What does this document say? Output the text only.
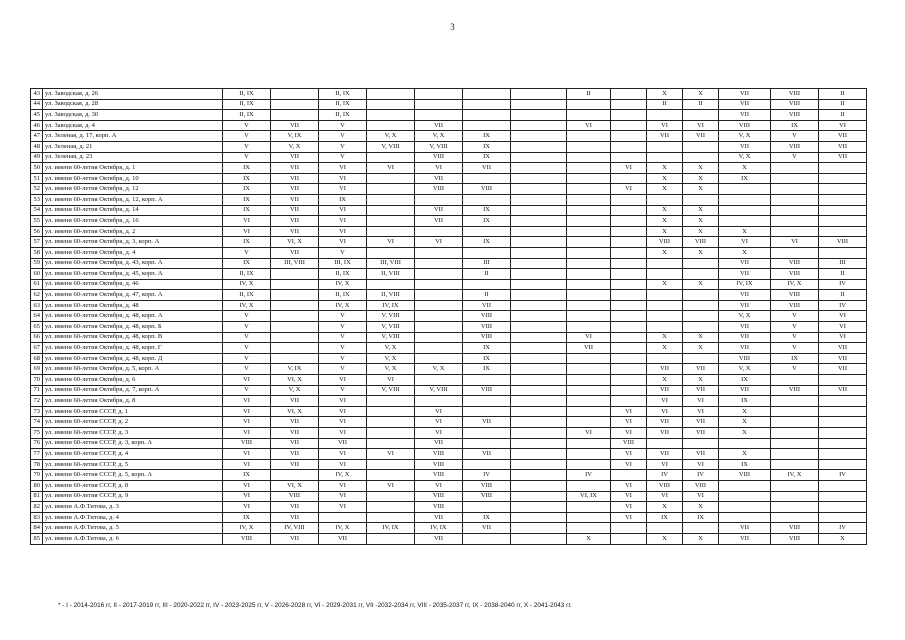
3
43	ул. Заводская, д. 26	II, IX		II, IX					II		X	X	VII	VIII	II
44	ул. Заводская, д. 28	II, IX		II, IX							II	II	VII	VIII	II
45	ул. Заводская, д. 30	II, IX		II, IX									VII	VIII	II
46	ул. Заводская, д. 4	V	VII	V		VII			VI		VI	VI	VIII	IX	VI
47	ул. Зеленая, д. 17, корп. А	V	V, IX	V	V, X	V, X	IX				VII	VII	V, X	V	VII
48	ул. Зеленая, д. 21	V	V, X	V	V, VIII	V, VIII	IX						VII	VIII	VII
49	ул. Зеленая, д. 23	V	VII	V		VIII	IX						V, X	V	VII
50	ул. имени 60-летия Октября, д. 1	IX	VII	VI	VI	VI	VII			VI	X	X	X		
51	ул. имени 60-летия Октября, д. 10	IX	VII	VI		VII					X	X	IX		
52	ул. имени 60-летия Октября, д. 12	IX	VII	VI		VIII	VIII			VI	X	X			
53	ул. имени 60-летия Октября, д. 12, корп. А	IX	VII	IX											
54	ул. имени 60-летия Октября, д. 14	IX	VII	VI		VII	IX				X	X			
55	ул. имени 60-летия Октября, д. 16	VI	VII	VI		VII	IX				X	X			
56	ул. имени 60-летия Октября, д. 2	VI	VII	VI							X	X	X		
57	ул. имени 60-летия Октября, д. 3, корп. А	IX	VI, X	VI	VI	VI	IX				VIII	VIII	VI	VI	VIII
58	ул. имени 60-летия Октября, д. 4	V	VII	V							X	X	X		
59	ул. имени 60-летия Октября, д. 43, корп. А	IX	III, VIII	III, IX	III, VIII		III						VII	VIII	III
60	ул. имени 60-летия Октября, д. 45, корп. А	II, IX		II, IX	II, VIII		II						VII	VIII	II
61	ул. имени 60-летия Октября, д. 46	IV, X		IV, X							X	X	IV, IX	IV, X	IV
62	ул. имени 60-летия Октября, д. 47, корп. А	II, IX		II, IX	II, VIII		II						VII	VIII	II
63	ул. имени 60-летия Октября, д. 48	IV, X		IV, X	IV, IX		VII						VII	VIII	IV
64	ул. имени 60-летия Октября, д. 48, корп. А	V		V	V, VIII		VIII						V, X	V	VI
65	ул. имени 60-летия Октября, д. 48, корп. Б	V		V	V, VIII		VIII						VII	V	VI
66	ул. имени 60-летия Октября, д. 48, корп. В	V		V	V, VIII		VIII		VI		X	X	VII	V	VI
67	ул. имени 60-летия Октября, д. 48, корп. Г	V		V	V, X		IX		VII		X	X	VII	V	VII
68	ул. имени 60-летия Октября, д. 48, корп. Д	V		V	V, X		IX						VIII	IX	VII
69	ул. имени 60-летия Октября, д. 5, корп. А	V	V, IX	V	V, X	V, X	IX				VII	VII	V, X	V	VII
70	ул. имени 60-летия Октября, д. 6	VI	VI, X	VI	VI						X	X	IX		
71	ул. имени 60-летия Октября, д. 7, корп. А	V	V, X	V	V, VIII	V, VIII	VIII				VII	VII	VII	VIII	VII
72	ул. имени 60-летия Октября, д. 8	VI	VII	VI							VI	VI	IX		
73	ул. имени 60-летия СССР, д. 1	VI	VI, X	VI		VI				VI	VI	VI	X		
74	ул. имени 60-летия СССР, д. 2	VI	VII	VI		VI	VII			VI	VII	VII	X		
75	ул. имени 60-летия СССР, д. 3	VI	VII	VI		VI			VI	VI	VII	VII	X		
76	ул. имени 60-летия СССР, д. 3, корп. А	VIII	VII	VII		VII				VIII					
77	ул. имени 60-летия СССР, д. 4	VI	VII	VI	VI	VIII	VII			VI	VII	VII	X		
78	ул. имени 60-летия СССР, д. 5	VI	VII	VI		VIII				VI	VI	VI	IX		
79	ул. имени 60-летия СССР, д. 5, корп. А	IX		IV, X		VIII	IV		IV		IV	IV	VIII	IV, X	IV
80	ул. имени 60-летия СССР, д. 8	VI	VI, X	VI	VI	VI	VIII			VI	VIII	VIII			
81	ул. имени 60-летия СССР, д. 9	VI	VIII	VI		VIII	VIII		VI, IX	VI	VI	VI			
82	ул. имени А.Ф.Титова, д. 3	VI	VII	VI		VIII				VI	X	X			
83	ул. имени А.Ф.Титова, д. 4	IX	VII			VII	IX			VI	IX	IX			
84	ул. имени А.Ф.Титова, д. 5	IV, X	IV, VIII	IV, X	IV, IX	IV, IX	VII						VII	VIII	IV
85	ул. имени А.Ф.Титова, д. 6	VIII	VII	VII		VII			X		X	X	VII	VIII	X
* - I - 2014-2016 гг, II - 2017-2019 гг, III - 2020-2022 гг, IV - 2023-2025 гг, V - 2026-2028 гг, VI - 2029-2031 гг, VII -2032-2034 гг, VIII - 2035-2037 гг, IX - 2038-2040 гг, X - 2041-2043 гг.
